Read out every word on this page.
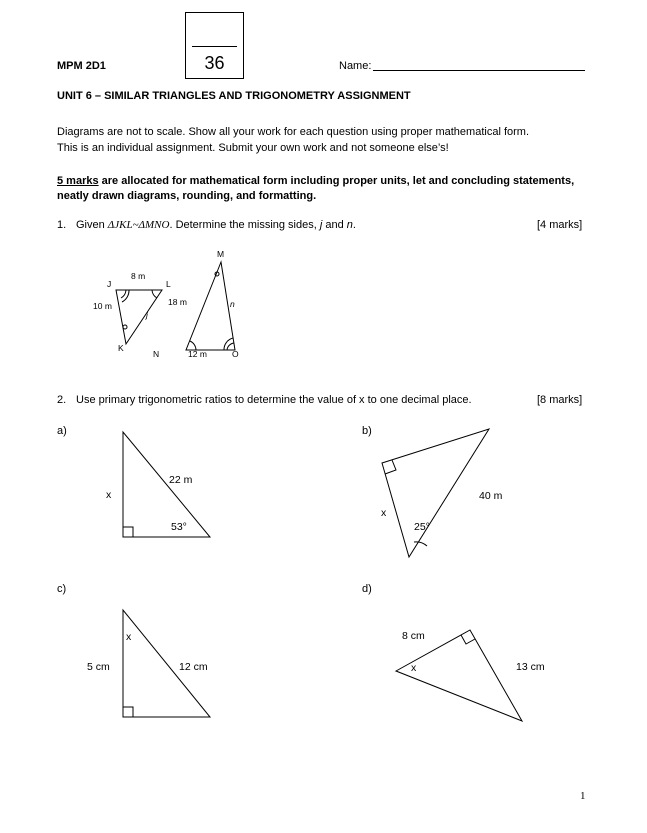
MPM 2D1	36	Name:
UNIT 6 – SIMILAR TRIANGLES AND TRIGONOMETRY ASSIGNMENT
Diagrams are not to scale. Show all your work for each question using proper mathematical form.
This is an individual assignment. Submit your own work and not someone else’s!
5 marks are allocated for mathematical form including proper units, let and concluding statements,
neatly drawn diagrams, rounding, and formatting.
1. Given ΔJKL~ΔMNO. Determine the missing sides, j and n.	[4 marks]
J	L
K
M
N	O
8 m
10 m
j
18 m	n
12 m
x
22 m
53°
x
40 m
25°
x
5 cm	12 cm	x
8 cm
13 cm
2. Use primary trigonometric ratios to determine the value of x to one decimal place.	[8 marks]
a)	b)
c)	d)
1
